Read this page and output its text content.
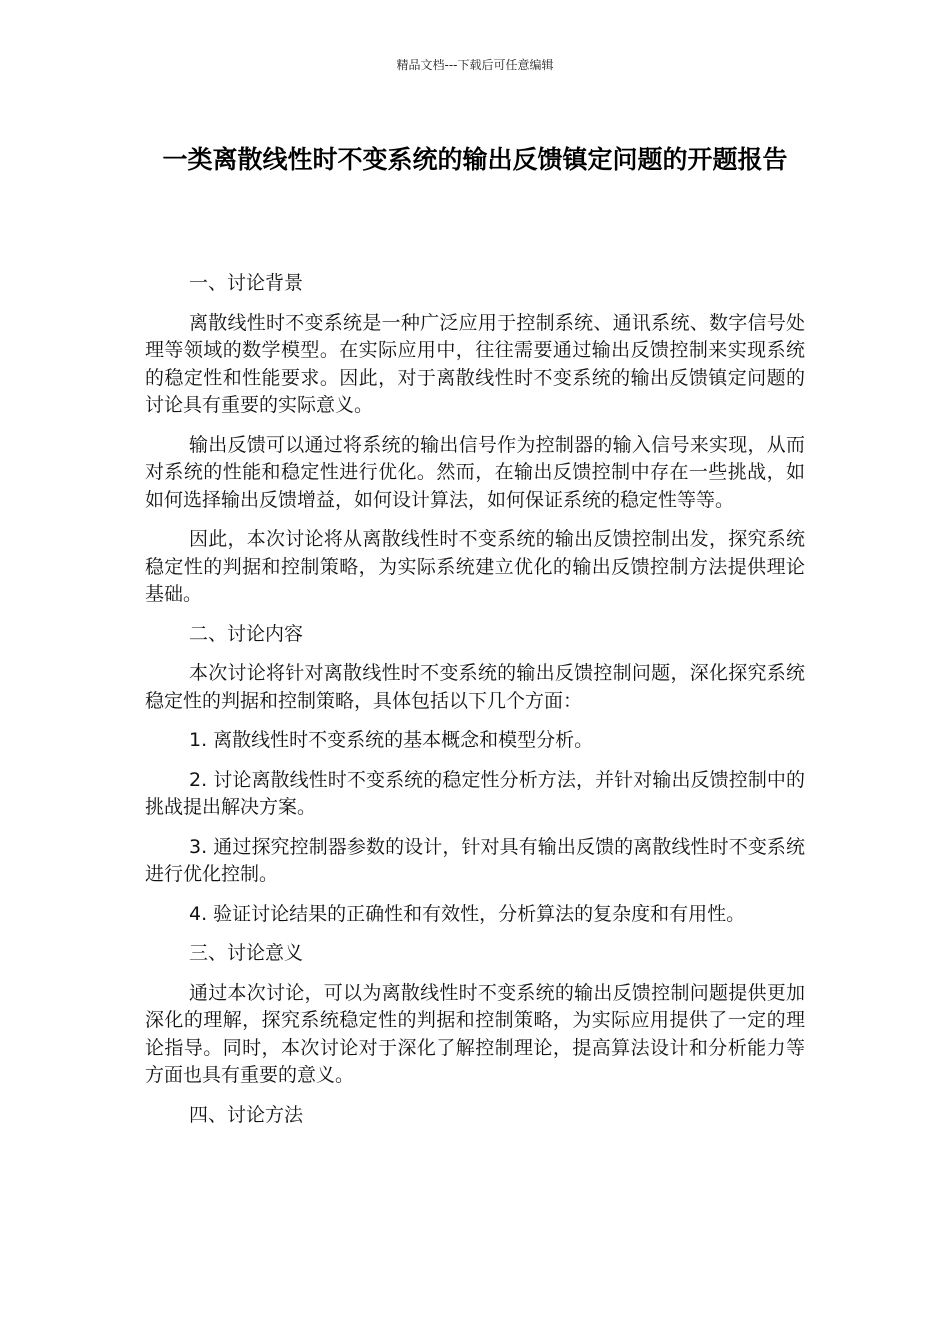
精品文档---下载后可任意编辑
一类离散线性时不变系统的输出反馈镇定问题的开题报告

一、讨论背景

离散线性时不变系统是一种广泛应用于控制系统、通讯系统、数字信号处理等领域的数学模型。在实际应用中，往往需要通过输出反馈控制来实现系统的稳定性和性能要求。因此，对于离散线性时不变系统的输出反馈镇定问题的讨论具有重要的实际意义。

输出反馈可以通过将系统的输出信号作为控制器的输入信号来实现，从而对系统的性能和稳定性进行优化。然而，在输出反馈控制中存在一些挑战，如如何选择输出反馈增益，如何设计算法，如何保证系统的稳定性等等。

因此，本次讨论将从离散线性时不变系统的输出反馈控制出发，探究系统稳定性的判据和控制策略，为实际系统建立优化的输出反馈控制方法提供理论基础。

二、讨论内容

本次讨论将针对离散线性时不变系统的输出反馈控制问题，深化探究系统稳定性的判据和控制策略，具体包括以下几个方面：

1. 离散线性时不变系统的基本概念和模型分析。

2. 讨论离散线性时不变系统的稳定性分析方法，并针对输出反馈控制中的挑战提出解决方案。

3. 通过探究控制器参数的设计，针对具有输出反馈的离散线性时不变系统进行优化控制。

4. 验证讨论结果的正确性和有效性，分析算法的复杂度和有用性。

三、讨论意义

通过本次讨论，可以为离散线性时不变系统的输出反馈控制问题提供更加深化的理解，探究系统稳定性的判据和控制策略，为实际应用提供了一定的理论指导。同时，本次讨论对于深化了解控制理论，提高算法设计和分析能力等方面也具有重要的意义。

四、讨论方法
